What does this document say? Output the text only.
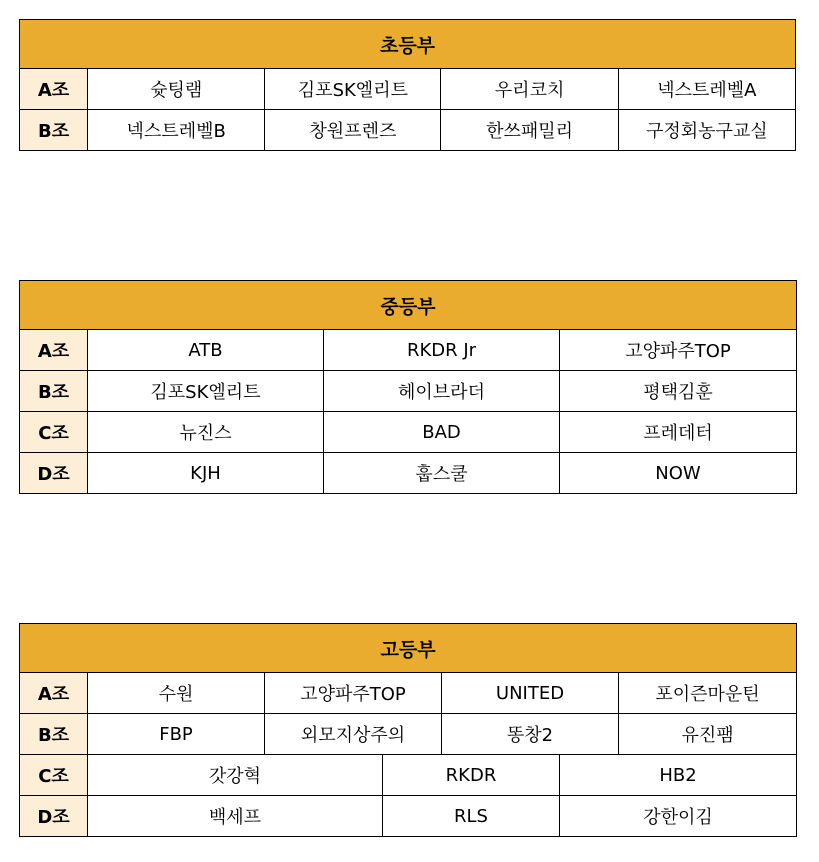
초등부				
A조	슛팅램	김포SK엘리트	우리코치	넥스트레벨A
B조	넥스트레벨B	창원프렌즈	한쓰패밀리	구정회농구교실
중등부			
A조	ATB	RKDR Jr	고양파주TOP
B조	김포SK엘리트	헤이브라더	평택김훈
C조	뉴진스	BAD	프레데터
D조	KJH	훕스쿨	NOW
고등부						
A조	수원	고양파주TOP		UNITED		포이즌마운틴
B조	FBP	외모지상주의		똥창2		유진팸
C조	갓강혁		RKDR		HB2	
D조	백세프		RLS		강한이김	
